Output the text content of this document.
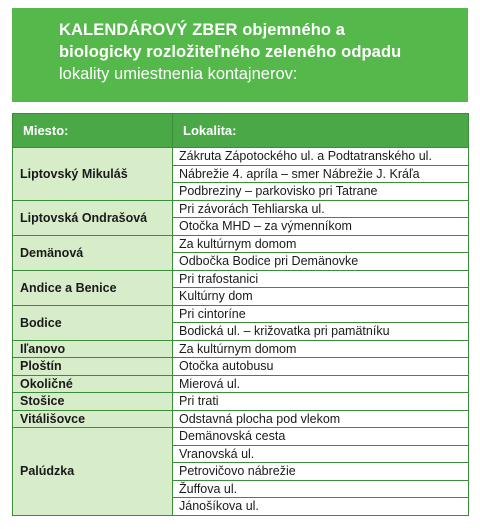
KALENDÁROVÝ ZBER objemného a
biologicky rozložiteľného zeleného odpadu
lokality umiestnenia kontajnerov:
Miesto:	Lokalita:
Liptovský Mikuláš	Zákruta Zápotockého ul. a Podtatranského ul.
	Nábrežie 4. apríla – smer Nábrežie J. Kráľa
	Podbreziny – parkovisko pri Tatrane
Liptovská Ondrašová	Pri závorách Tehliarska ul.
	Otočka MHD – za výmenníkom
Demänová	Za kultúrnym domom
	Odbočka Bodice pri Demänovke
Andice a Benice	Pri trafostanici
	Kultúrny dom
Bodice	Pri cintoríne
	Bodická ul. – križovatka pri pamätníku
Iľanovo	Za kultúrnym domom
Ploštín	Otočka autobusu
Okoličné	Mierová ul.
Stošice	Pri trati
Vitálišovce	Odstavná plocha pod vlekom
Palúdzka	Demänovská cesta
	Vranovská ul.
	Petrovičovo nábrežie
	Žuffova ul.
	Jánošíkova ul.
